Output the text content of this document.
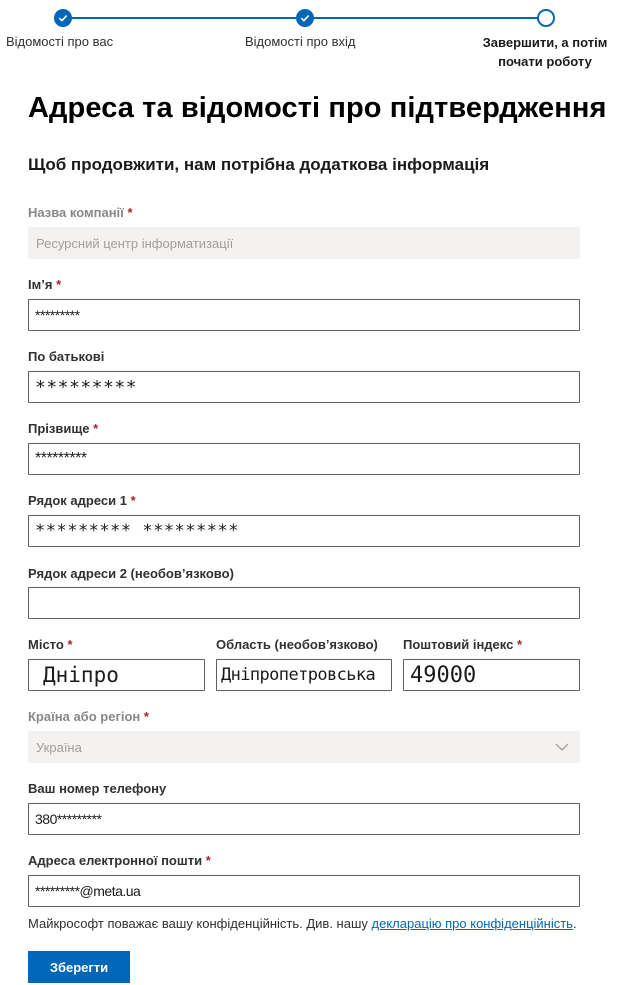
Відомості про вас	Відомості про вхід	Завершити, а потім почати роботу
Адреса та відомості про підтвердження
Щоб продовжити, нам потрібна додаткова інформація
Назва компанії *
Ресурсний центр інформатизації
Ім’я *
*********
По батькові
*********
Прізвище *
*********
Рядок адреси 1 *
********* *********
Рядок адреси 2 (необов’язково)
Місто *
Дніпро
Область (необов’язково)
Дніпропетровська
Поштовий індекс *
49000
Країна або регіон *
Україна
Ваш номер телефону
380*********
Адреса електронної пошти *
*********@meta.ua
Майкрософт поважає вашу конфіденційність. Див. нашу декларацію про конфіденційність.
Зберегти
